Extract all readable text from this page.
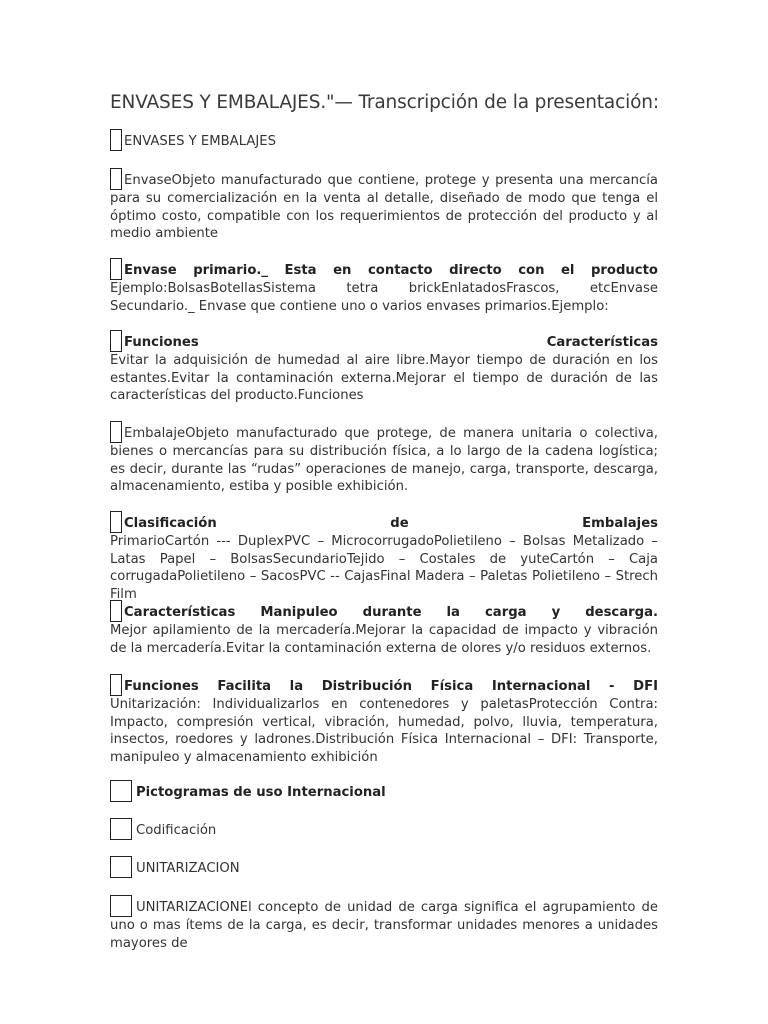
ENVASES Y EMBALAJES."— Transcripción de la presentación:
ENVASES Y EMBALAJES
EnvaseObjeto manufacturado que contiene, protege y presenta una mercancía para su comercialización en la venta al detalle, diseñado de modo que tenga el óptimo costo, compatible con los requerimientos de protección del producto y al medio ambiente
Envase primario._ Esta en contacto directo con el producto
Ejemplo:BolsasBotellasSistema tetra brickEnlatadosFrascos, etcEnvase Secundario._ Envase que contiene uno o varios envases primarios.Ejemplo:
Funciones	Características
Evitar la adquisición de humedad al aire libre.Mayor tiempo de duración en los estantes.Evitar la contaminación externa.Mejorar el tiempo de duración de las características del producto.Funciones
EmbalajeObjeto manufacturado que protege, de manera unitaria o colectiva, bienes o mercancías para su distribución física, a lo largo de la cadena logística; es decir, durante las “rudas” operaciones de manejo, carga, transporte, descarga, almacenamiento, estiba y posible exhibición.
Clasificación de Embalajes
PrimarioCartón --- DuplexPVC – MicrocorrugadoPolietileno – Bolsas Metalizado – Latas Papel – BolsasSecundarioTejido – Costales de yuteCartón – Caja corrugadaPolietileno – SacosPVC -- CajasFinal Madera – Paletas Polietileno – Strech Film
Características Manipuleo durante la carga y descarga.
Mejor apilamiento de la mercadería.Mejorar la capacidad de impacto y vibración de la mercadería.Evitar la contaminación externa de olores y/o residuos externos.
Funciones Facilita la Distribución Física Internacional - DFI
Unitarización: Individualizarlos en contenedores y paletasProtección Contra: Impacto, compresión vertical, vibración, humedad, polvo, lluvia, temperatura, insectos, roedores y ladrones.Distribución Física Internacional – DFI: Transporte, manipuleo y almacenamiento exhibición
Pictogramas de uso Internacional
Codificación
UNITARIZACION
UNITARIZACIONEl concepto de unidad de carga significa el agrupamiento de uno o mas ítems de la carga, es decir, transformar unidades menores a unidades mayores de
